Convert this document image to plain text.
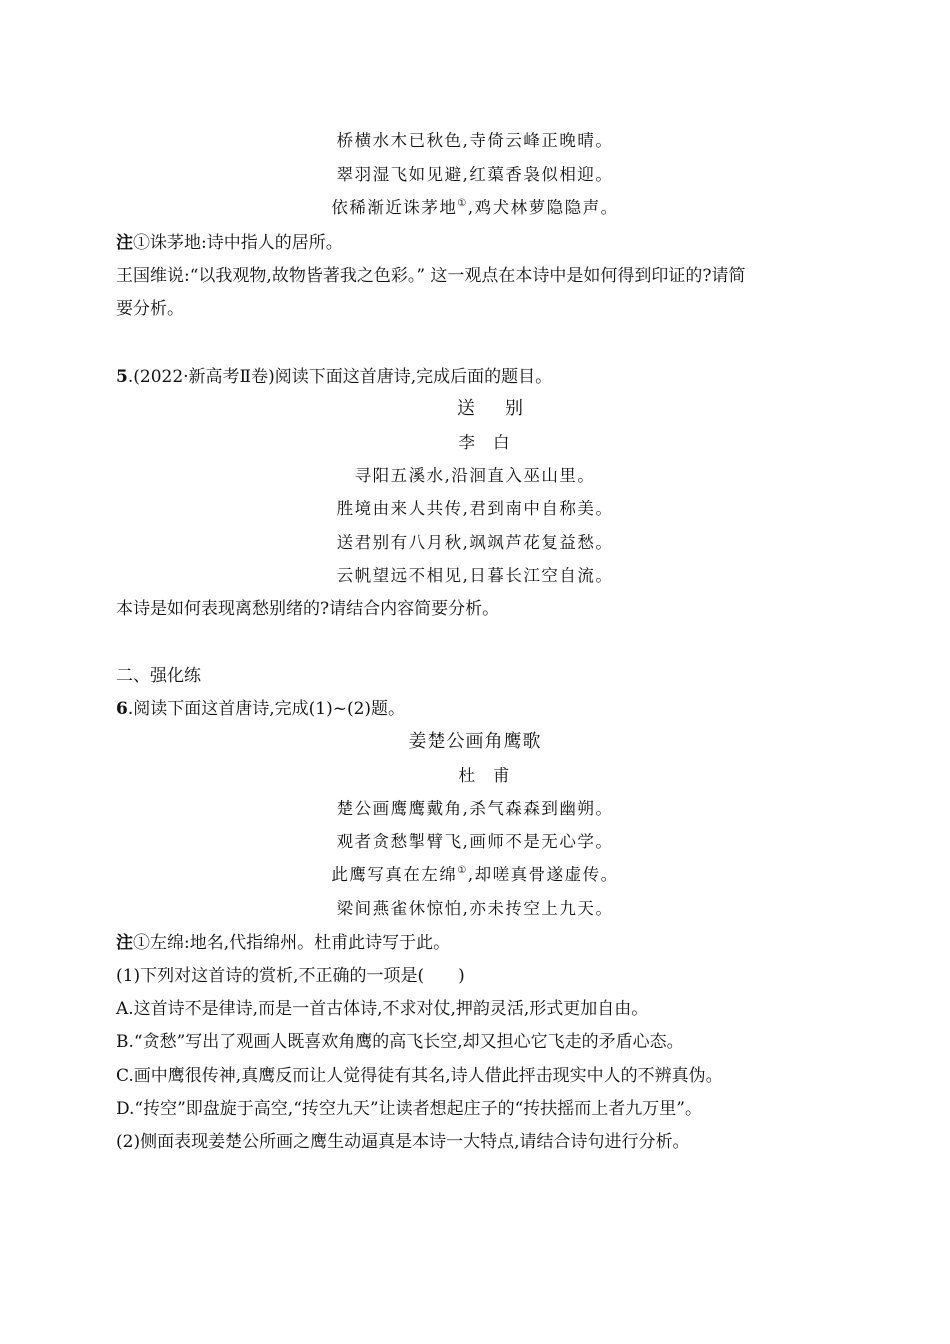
桥横水木已秋色,寺倚云峰正晚晴。
翠羽湿飞如见避,红蕖香袅似相迎。
依稀渐近诛茅地①,鸡犬林萝隐隐声。
注①诛茅地:诗中指人的居所。
王国维说:“以我观物,故物皆著我之色彩。” 这一观点在本诗中是如何得到印证的?请简
要分析。
5.(2022·新高考Ⅱ卷)阅读下面这首唐诗,完成后面的题目。
送别
李白
寻阳五溪水,沿洄直入巫山里。
胜境由来人共传,君到南中自称美。
送君别有八月秋,飒飒芦花复益愁。
云帆望远不相见,日暮长江空自流。
本诗是如何表现离愁别绪的?请结合内容简要分析。
二、强化练
6.阅读下面这首唐诗,完成(1)~(2)题。
姜楚公画角鹰歌
杜甫
楚公画鹰鹰戴角,杀气森森到幽朔。
观者贪愁掣臂飞,画师不是无心学。
此鹰写真在左绵①,却嗟真骨遂虚传。
梁间燕雀休惊怕,亦未抟空上九天。
注①左绵:地名,代指绵州。杜甫此诗写于此。
(1)下列对这首诗的赏析,不正确的一项是(　　)
A.这首诗不是律诗,而是一首古体诗,不求对仗,押韵灵活,形式更加自由。
B.“贪愁”写出了观画人既喜欢角鹰的高飞长空,却又担心它飞走的矛盾心态。
C.画中鹰很传神,真鹰反而让人觉得徒有其名,诗人借此抨击现实中人的不辨真伪。
D.“抟空”即盘旋于高空,“抟空九天”让读者想起庄子的“抟扶摇而上者九万里”。
(2)侧面表现姜楚公所画之鹰生动逼真是本诗一大特点,请结合诗句进行分析。
